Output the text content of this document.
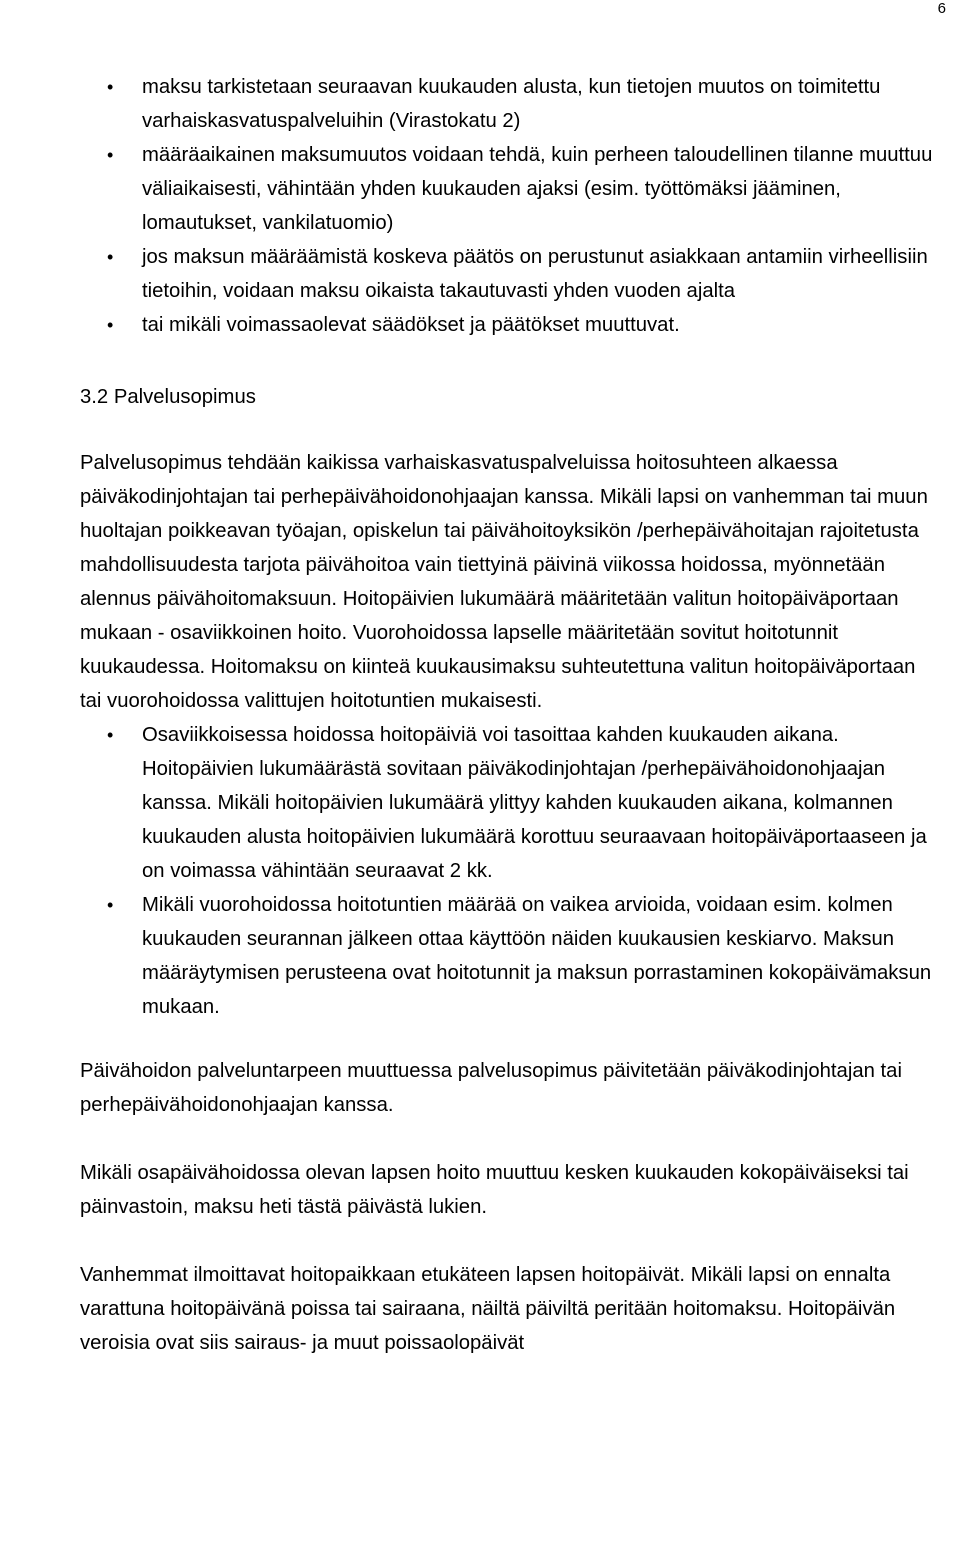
6
• maksu tarkistetaan seuraavan kuukauden alusta, kun tietojen muutos on toimitettu varhaiskasvatuspalveluihin (Virastokatu 2)
• määräaikainen maksumuutos voidaan tehdä, kuin perheen taloudellinen tilanne muuttuu väliaikaisesti, vähintään yhden kuukauden ajaksi (esim. työttömäksi jääminen, lomautukset, vankilatuomio)
• jos maksun määräämistä koskeva päätös on perustunut asiakkaan antamiin virheellisiin tietoihin, voidaan maksu oikaista takautuvasti yhden vuoden ajalta
• tai mikäli voimassaolevat säädökset ja päätökset muuttuvat.
3.2 Palvelusopimus

Palvelusopimus tehdään kaikissa varhaiskasvatuspalveluissa hoitosuhteen alkaessa päiväkodinjohtajan tai perhepäivähoidonohjaajan kanssa. Mikäli lapsi on vanhemman tai muun huoltajan poikkeavan työajan, opiskelun tai päivähoitoyksikön /perhepäivähoitajan rajoitetusta mahdollisuudesta tarjota päivähoitoa vain tiettyinä päivinä viikossa hoidossa, myönnetään alennus päivähoitomaksuun. Hoitopäivien lukumäärä määritetään valitun hoitopäiväportaan mukaan - osaviikkoinen hoito. Vuorohoidossa lapselle määritetään sovitut hoitotunnit kuukaudessa. Hoitomaksu on kiinteä kuukausimaksu suhteutettuna valitun hoitopäiväportaan tai vuorohoidossa valittujen hoitotuntien mukaisesti.

• Osaviikkoisessa hoidossa hoitopäiviä voi tasoittaa kahden kuukauden aikana. Hoitopäivien lukumäärästä sovitaan päiväkodinjohtajan /perhepäivähoidonohjaajan kanssa. Mikäli hoitopäivien lukumäärä ylittyy kahden kuukauden aikana, kolmannen kuukauden alusta hoitopäivien lukumäärä korottuu seuraavaan hoitopäiväportaaseen ja on voimassa vähintään seuraavat 2 kk.
• Mikäli vuorohoidossa hoitotuntien määrää on vaikea arvioida, voidaan esim. kolmen kuukauden seurannan jälkeen ottaa käyttöön näiden kuukausien keskiarvo. Maksun määräytymisen perusteena ovat hoitotunnit ja maksun porrastaminen kokopäivämaksun mukaan.

Päivähoidon palveluntarpeen muuttuessa palvelusopimus päivitetään päiväkodinjohtajan tai perhepäivähoidonohjaajan kanssa.

Mikäli osapäivähoidossa olevan lapsen hoito muuttuu kesken kuukauden kokopäiväiseksi tai päinvastoin, maksu heti tästä päivästä lukien.

Vanhemmat ilmoittavat hoitopaikkaan etukäteen lapsen hoitopäivät. Mikäli lapsi on ennalta varattuna hoitopäivänä poissa tai sairaana, näiltä päiviltä peritään hoitomaksu. Hoitopäivän veroisia ovat siis sairaus- ja muut poissaolopäivät
